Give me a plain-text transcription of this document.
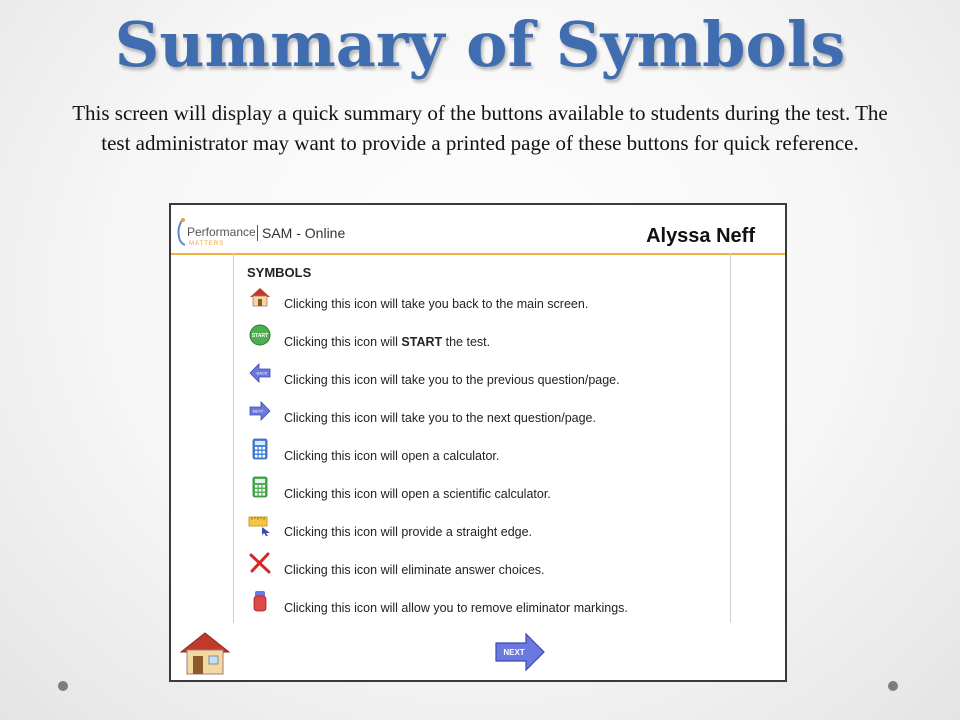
Summary of Symbols
This screen will display a quick summary of the buttons available to students during the test. The test administrator may want to provide a printed page of these buttons for quick reference.
Performance
MATTERS
SAM - Online	Alyssa Neff
SYMBOLS
Clicking this icon will take you back to the main screen.
START Clicking this icon will START the test.
BACK Clicking this icon will take you to the previous question/page.
NEXT Clicking this icon will take you to the next question/page.
Clicking this icon will open a calculator.
Clicking this icon will open a scientific calculator.
Clicking this icon will provide a straight edge.
Clicking this icon will eliminate answer choices.
Clicking this icon will allow you to remove eliminator markings.
NEXT
